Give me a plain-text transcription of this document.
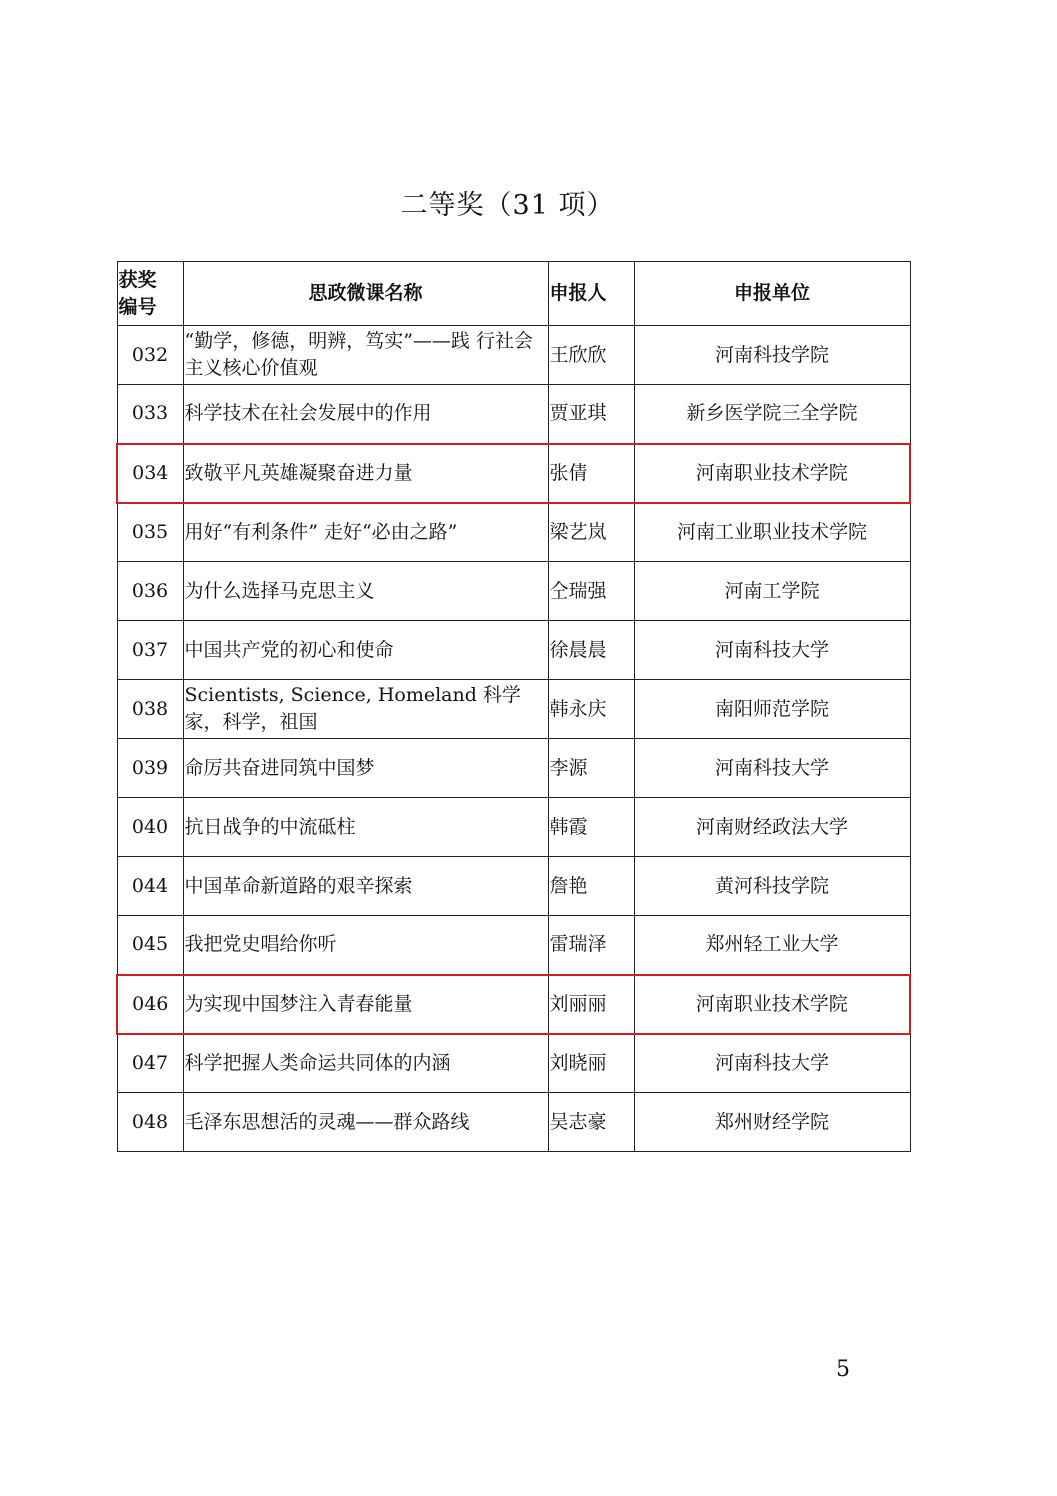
二等奖（31 项）
获奖 编号	思政微课名称	申报人	申报单位
032	“勤学，修德，明辨，笃实”——践 行社会主义核心价值观	王欣欣	河南科技学院
033	科学技术在社会发展中的作用	贾亚琪	新乡医学院三全学院
034	致敬平凡英雄凝聚奋进力量	张倩	河南职业技术学院
035	用好“有利条件” 走好“必由之路”	梁艺岚	河南工业职业技术学院
036	为什么选择马克思主义	仝瑞强	河南工学院
037	中国共产党的初心和使命	徐晨晨	河南科技大学
038	Scientists, Science, Homeland 科学 家，科学，祖国	韩永庆	南阳师范学院
039	命厉共奋进同筑中国梦	李源	河南科技大学
040	抗日战争的中流砥柱	韩霞	河南财经政法大学
044	中国革命新道路的艰辛探索	詹艳	黄河科技学院
045	我把党史唱给你听	雷瑞泽	郑州轻工业大学
046	为实现中国梦注入青春能量	刘丽丽	河南职业技术学院
047	科学把握人类命运共同体的内涵	刘晓丽	河南科技大学
048	毛泽东思想活的灵魂——群众路线	吴志豪	郑州财经学院
5
